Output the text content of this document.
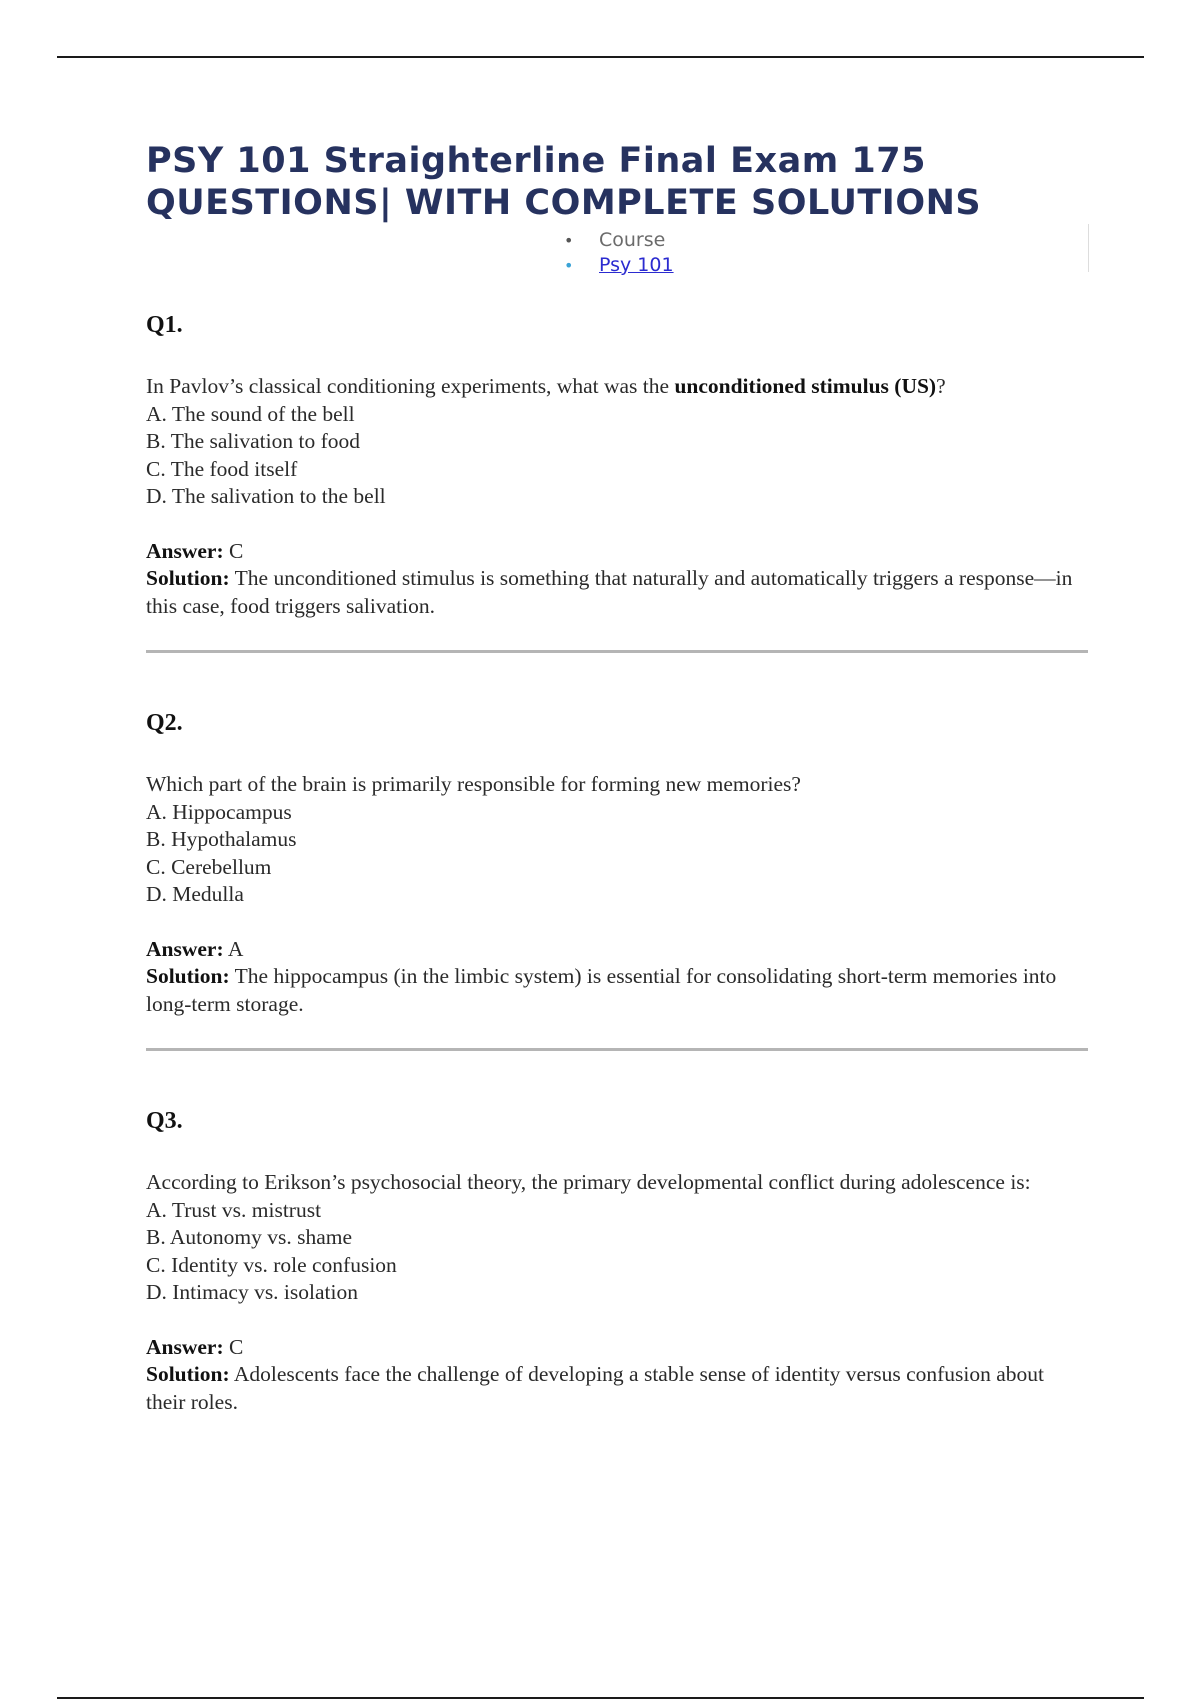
PSY 101 Straighterline Final Exam 175 QUESTIONS| WITH COMPLETE SOLUTIONS
• Course
• Psy 101
Q1.

In Pavlov’s classical conditioning experiments, what was the unconditioned stimulus (US)?

A. The sound of the bell
B. The salivation to food
C. The food itself
D. The salivation to the bell

Answer: C

Solution: The unconditioned stimulus is something that naturally and automatically triggers a response—in this case, food triggers salivation.

Q2.

Which part of the brain is primarily responsible for forming new memories?

A. Hippocampus
B. Hypothalamus
C. Cerebellum
D. Medulla

Answer: A

Solution: The hippocampus (in the limbic system) is essential for consolidating short-term memories into long-term storage.

Q3.

According to Erikson’s psychosocial theory, the primary developmental conflict during adolescence is:

A. Trust vs. mistrust
B. Autonomy vs. shame
C. Identity vs. role confusion
D. Intimacy vs. isolation

Answer: C

Solution: Adolescents face the challenge of developing a stable sense of identity versus confusion about their roles.
